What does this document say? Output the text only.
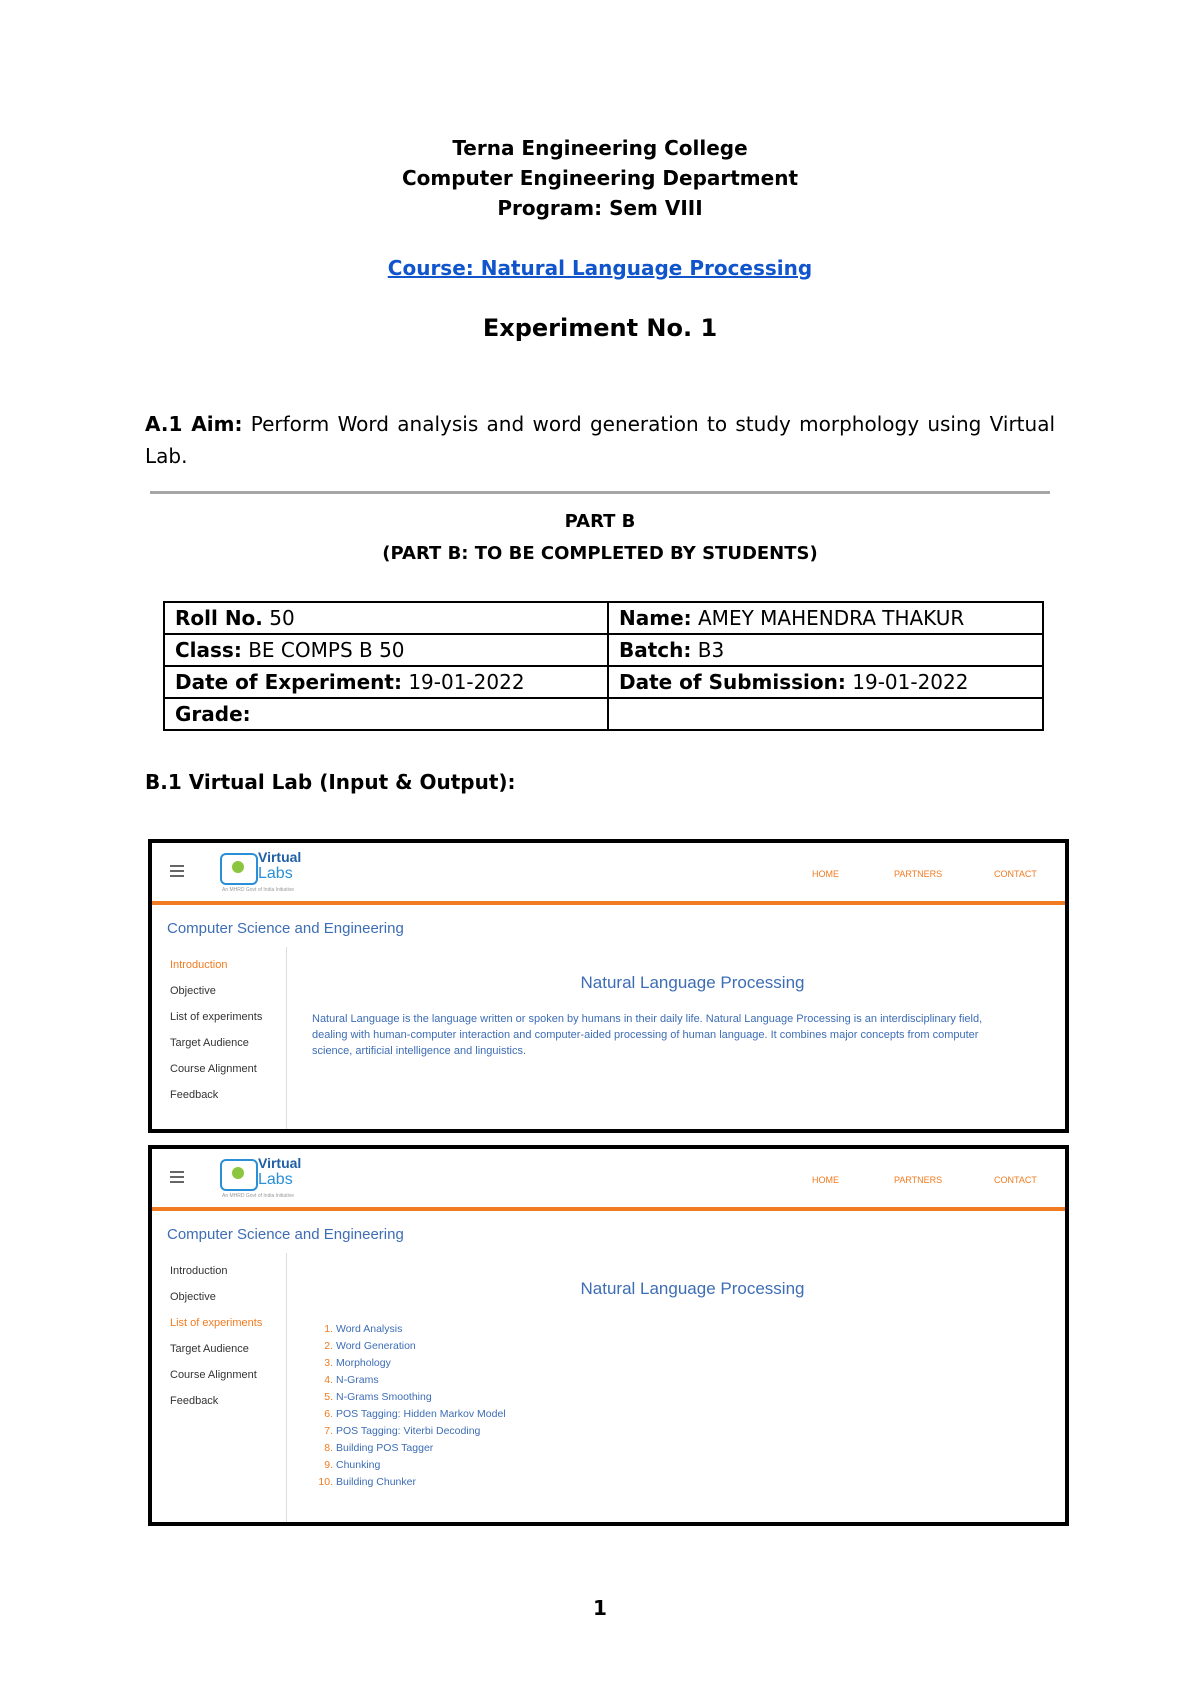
Terna Engineering College
Computer Engineering Department
Program: Sem VIII
Course: Natural Language Processing
Experiment No. 1
A.1 Aim: Perform Word analysis and word generation to study morphology using Virtual Lab.
PART B
(PART B: TO BE COMPLETED BY STUDENTS)
Roll No. 50	Name: AMEY MAHENDRA THAKUR
Class: BE COMPS B 50	Batch: B3
Date of Experiment: 19-01-2022	Date of Submission: 19-01-2022
Grade:	
B.1 Virtual Lab (Input & Output):
Virtual
Labs
An MHRD Govt of India Initiative
HOME	PARTNERS	CONTACT
Computer Science and Engineering
Introduction
Objective
List of experiments
Target Audience
Course Alignment
Feedback
Natural Language Processing
Natural Language is the language written or spoken by humans in their daily life. Natural Language Processing is an interdisciplinary field, dealing with human-computer interaction and computer-aided processing of human language. It combines major concepts from computer science, artificial intelligence and linguistics.
Virtual
Labs
An MHRD Govt of India Initiative
HOME	PARTNERS	CONTACT
Computer Science and Engineering
Introduction
Objective
List of experiments
Target Audience
Course Alignment
Feedback
Natural Language Processing
1. Word Analysis
2. Word Generation
3. Morphology
4. N-Grams
5. N-Grams Smoothing
6. POS Tagging: Hidden Markov Model
7. POS Tagging: Viterbi Decoding
8. Building POS Tagger
9. Chunking
10. Building Chunker
1
